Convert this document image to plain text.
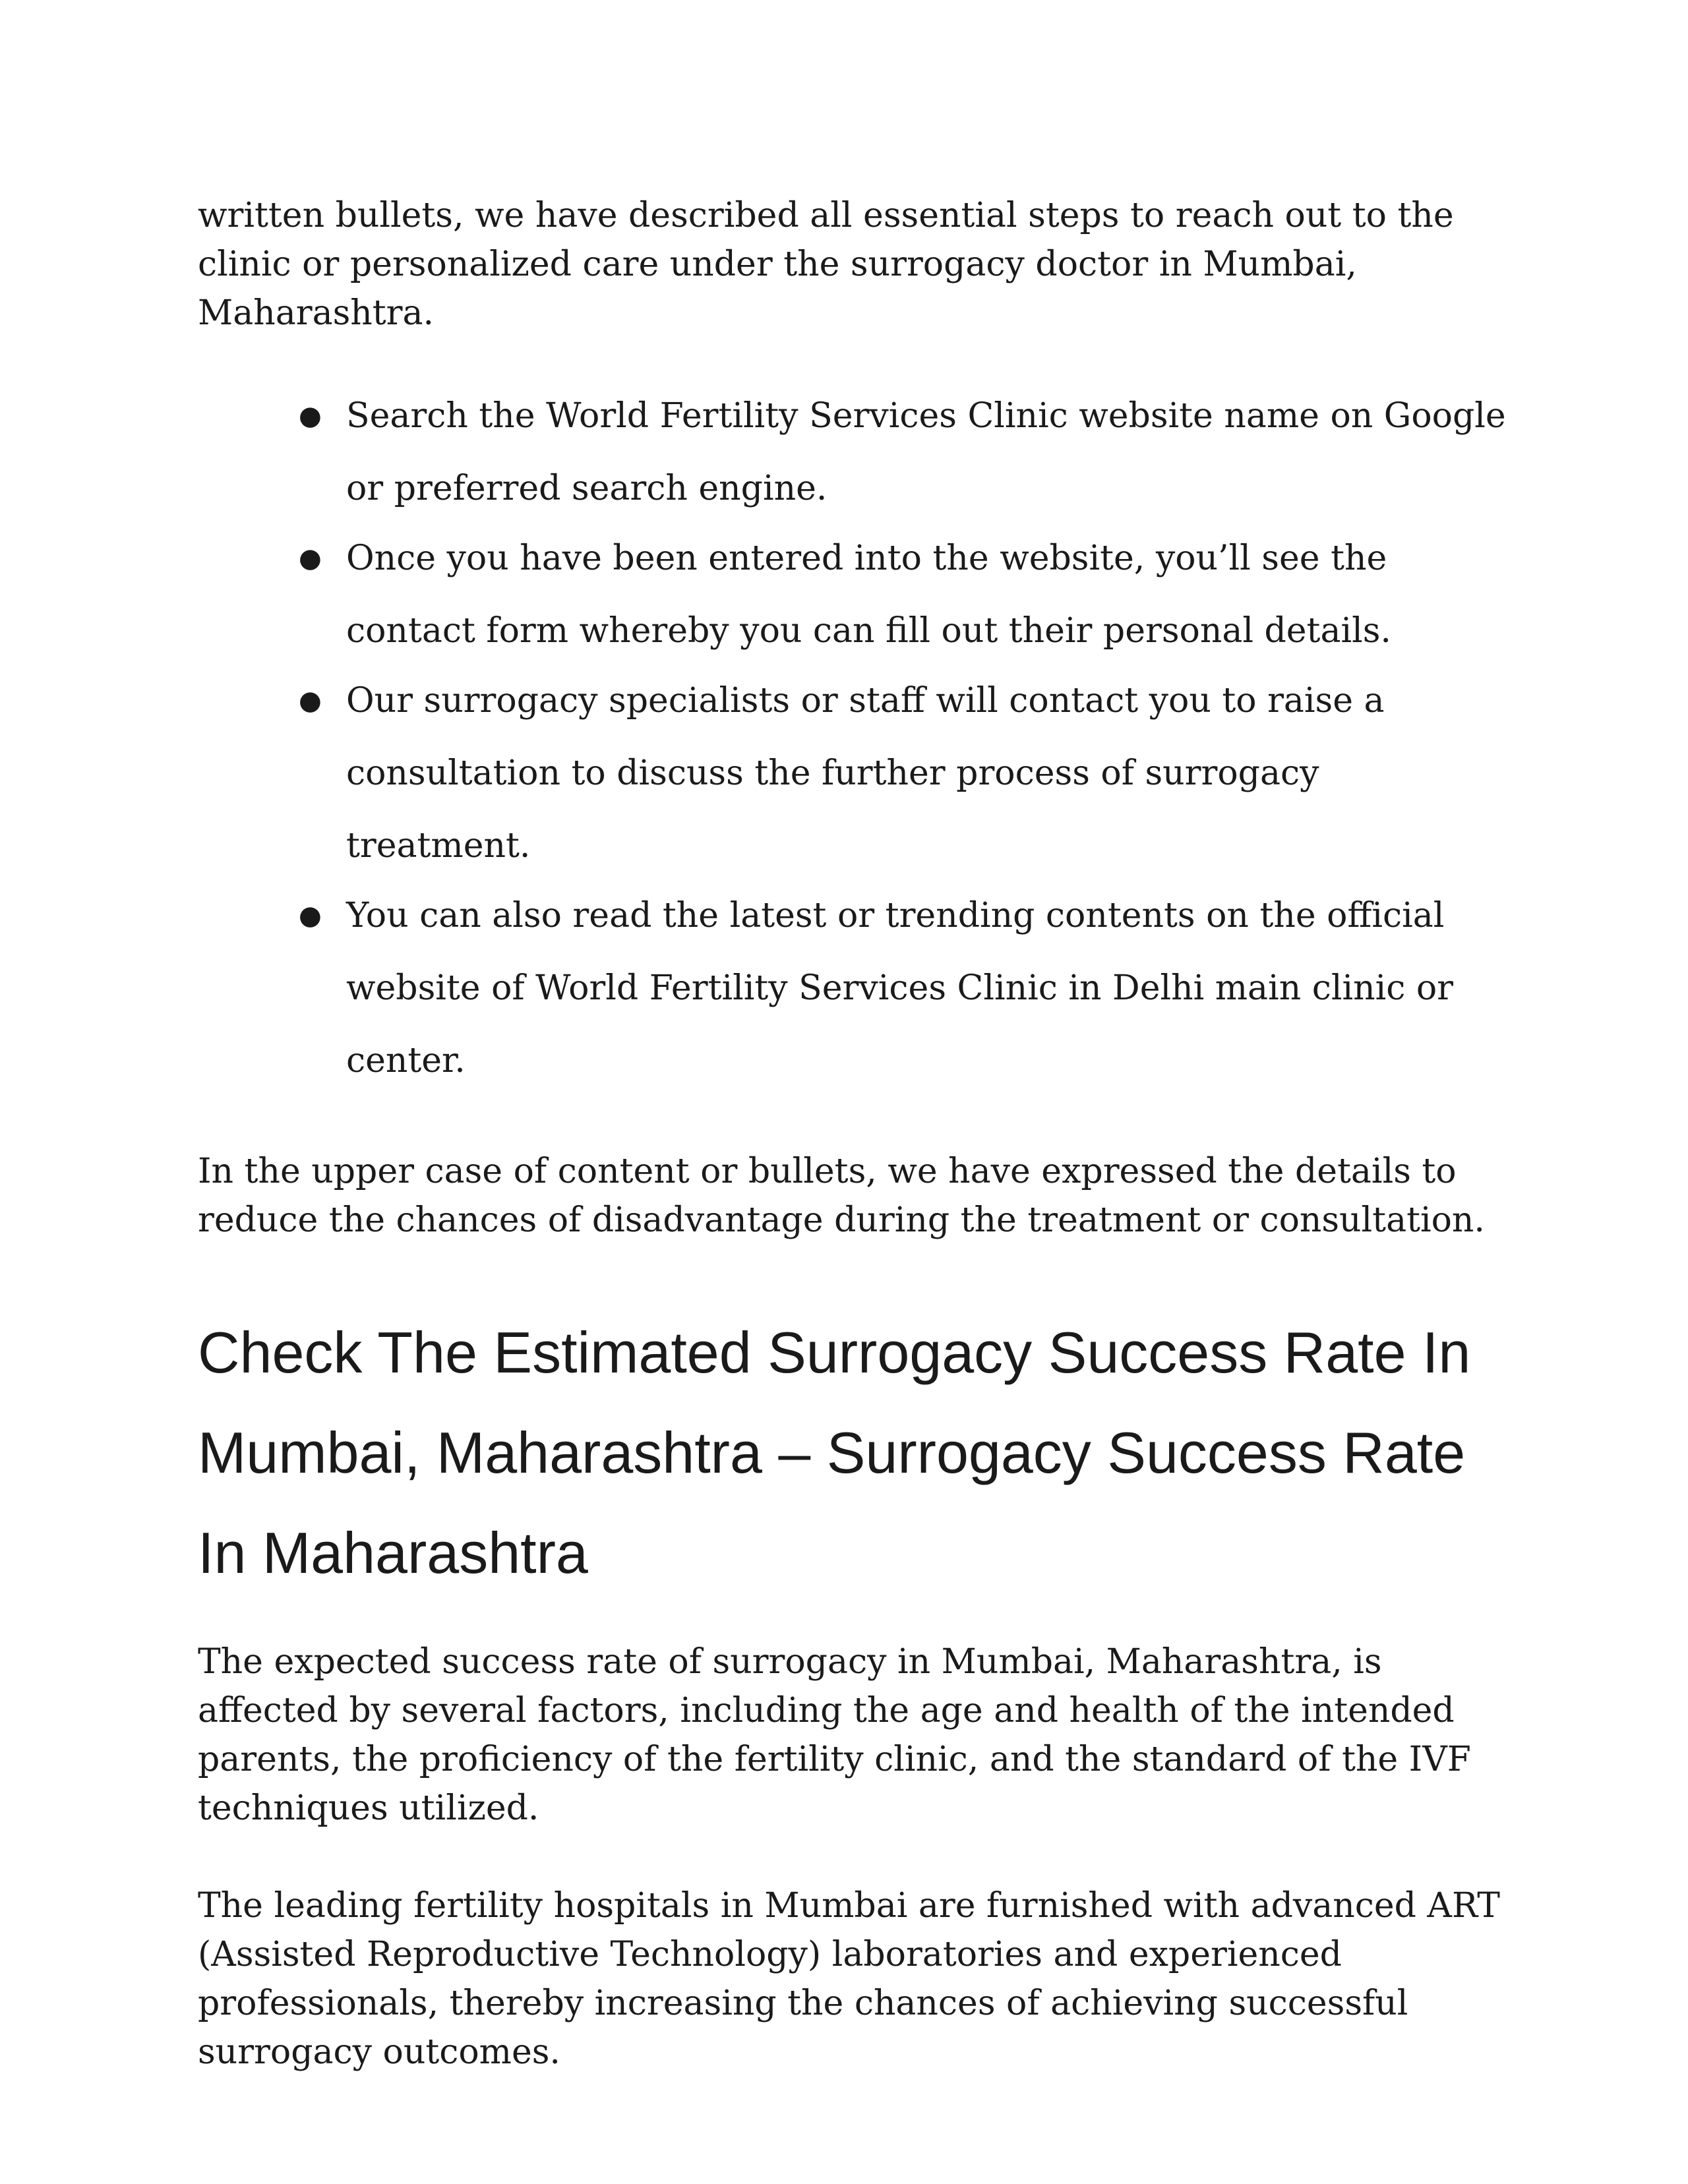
written bullets, we have described all essential steps to reach out to the clinic or personalized care under the surrogacy doctor in Mumbai, Maharashtra.

● Search the World Fertility Services Clinic website name on Google or preferred search engine.
● Once you have been entered into the website, you’ll see the contact form whereby you can fill out their personal details.
● Our surrogacy specialists or staff will contact you to raise a consultation to discuss the further process of surrogacy treatment.
● You can also read the latest or trending contents on the official website of World Fertility Services Clinic in Delhi main clinic or center.

In the upper case of content or bullets, we have expressed the details to reduce the chances of disadvantage during the treatment or consultation.

Check The Estimated Surrogacy Success Rate In Mumbai, Maharashtra – Surrogacy Success Rate In Maharashtra

The expected success rate of surrogacy in Mumbai, Maharashtra, is affected by several factors, including the age and health of the intended parents, the proficiency of the fertility clinic, and the standard of the IVF techniques utilized.

The leading fertility hospitals in Mumbai are furnished with advanced ART (Assisted Reproductive Technology) laboratories and experienced professionals, thereby increasing the chances of achieving successful surrogacy outcomes.
